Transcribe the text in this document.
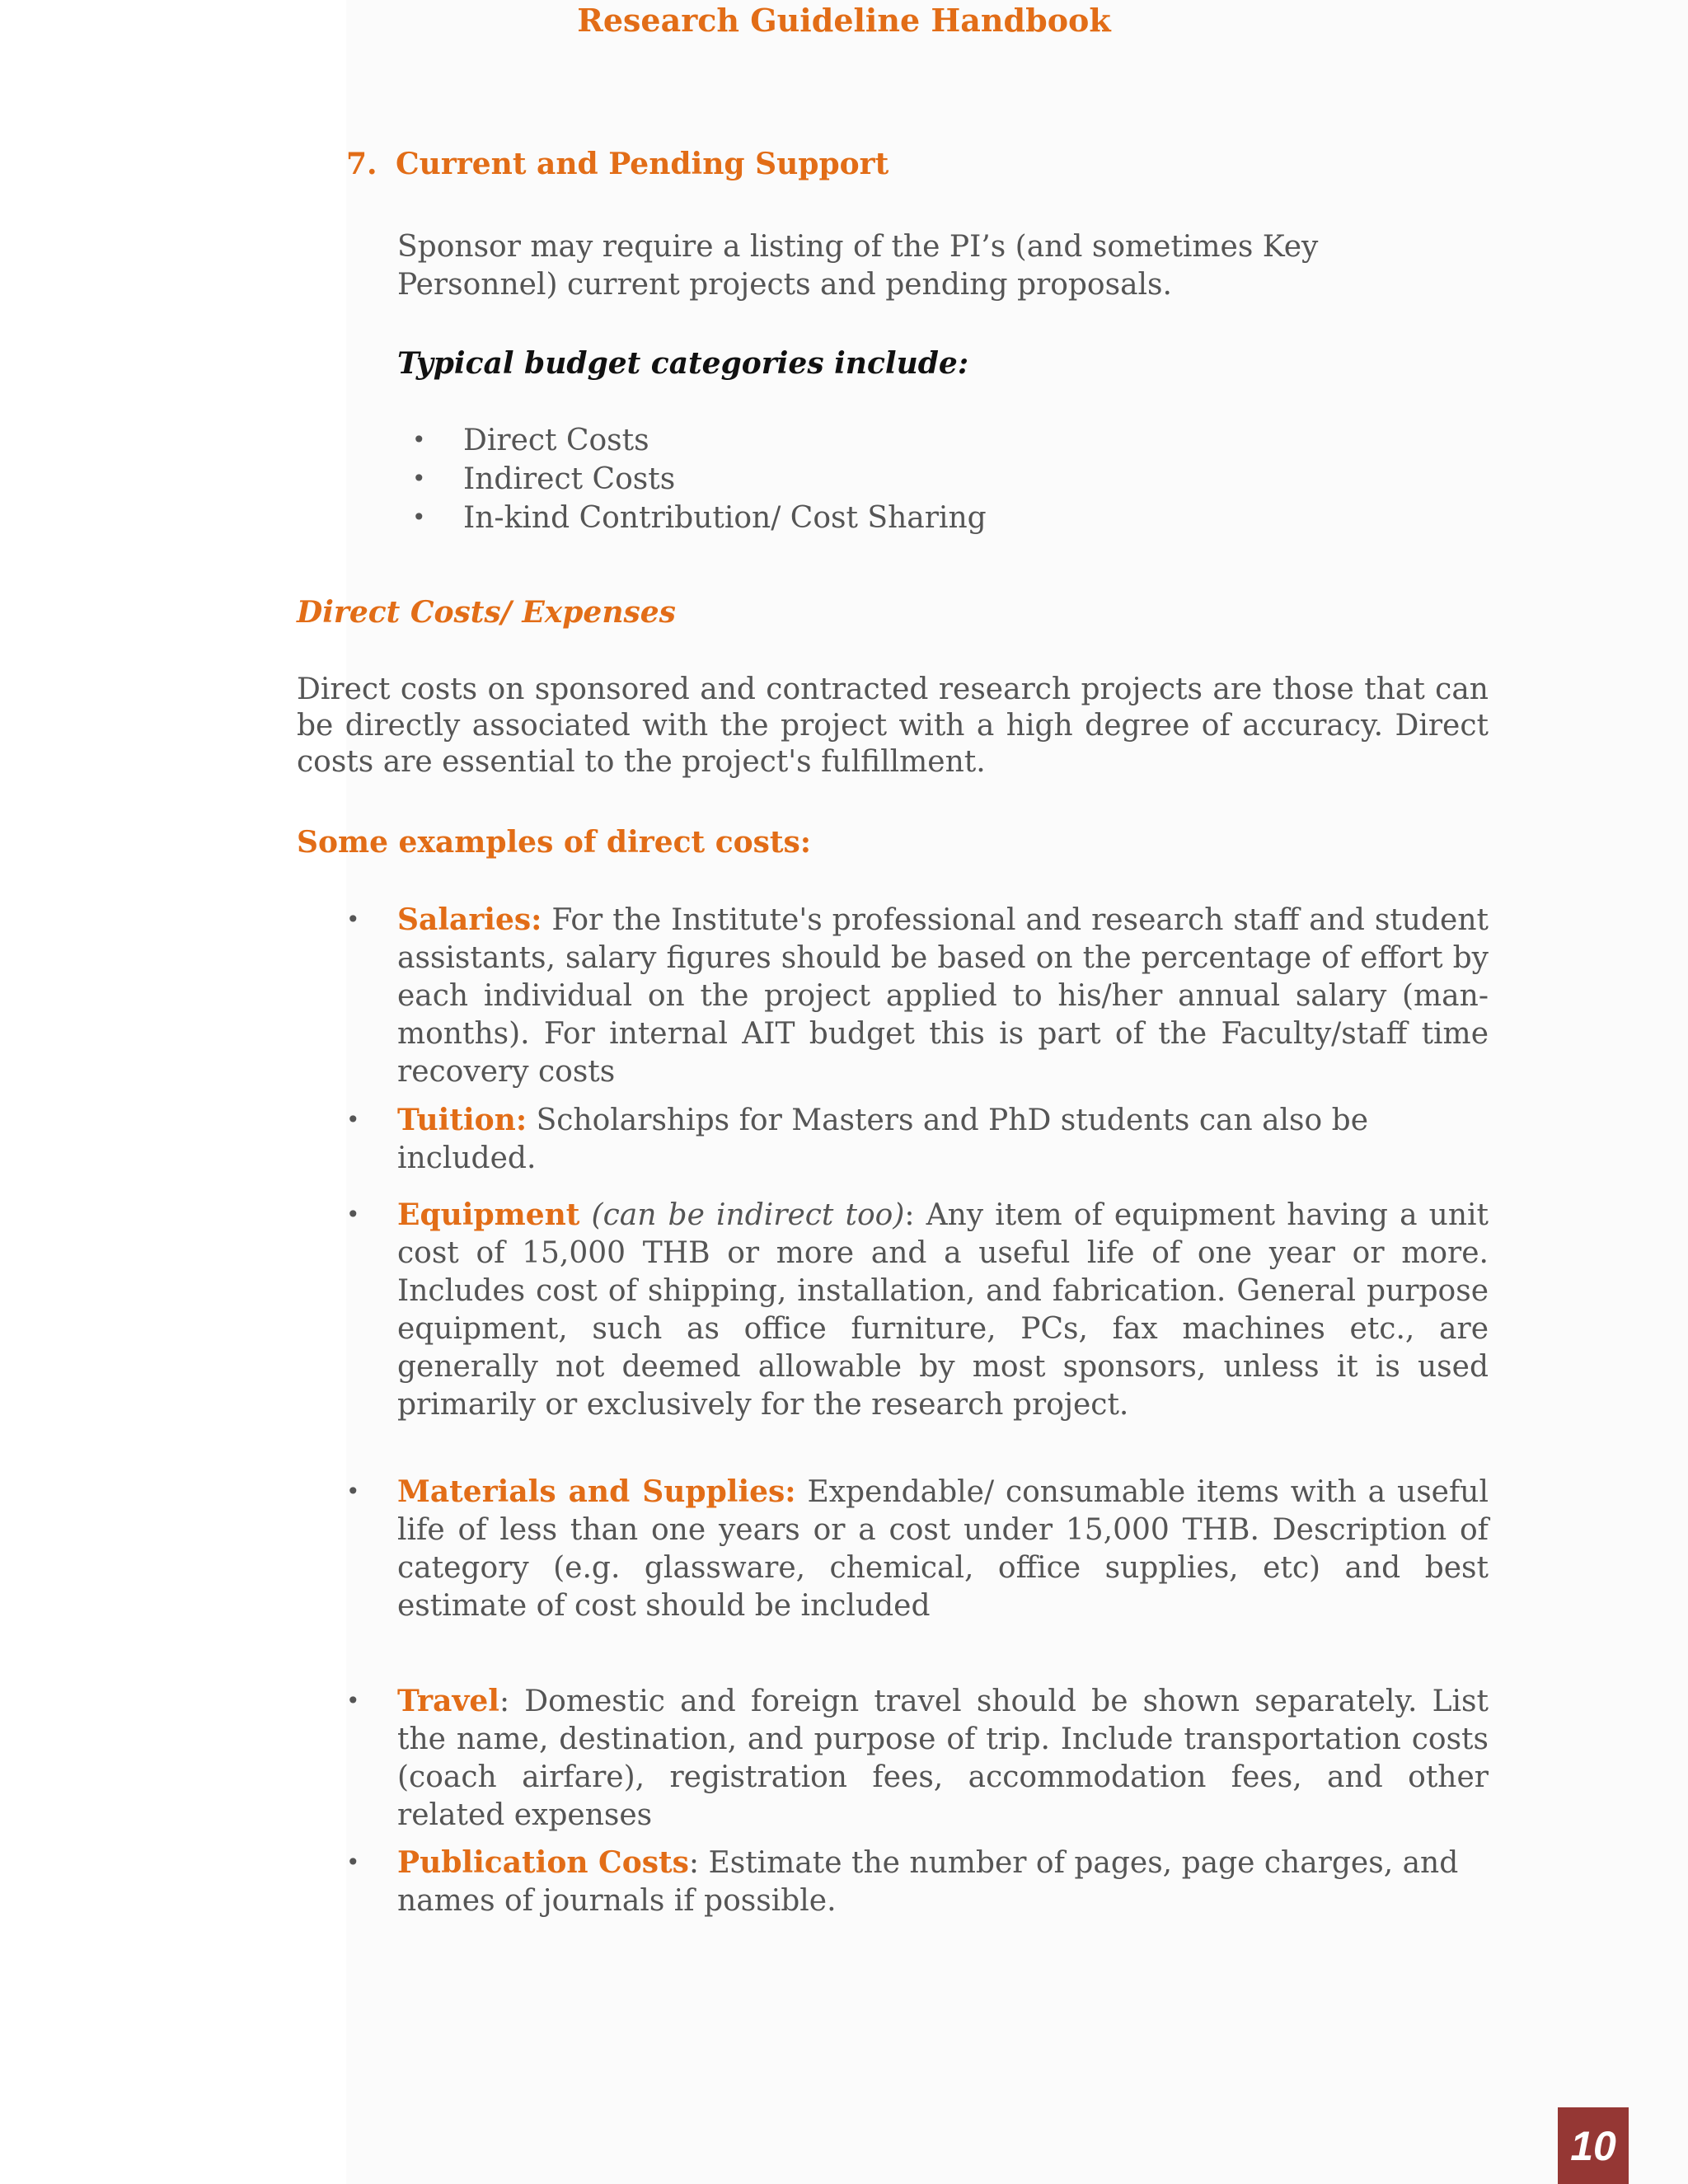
Research Guideline Handbook
7. Current and Pending Support
Sponsor may require a listing of the PI’s (and sometimes Key Personnel) current projects and pending proposals.
Typical budget categories include:
• Direct Costs
• Indirect Costs
• In-kind Contribution/ Cost Sharing
Direct Costs/ Expenses
Direct costs on sponsored and contracted research projects are those that can be directly associated with the project with a high degree of accuracy. Direct costs are essential to the project's fulfillment.
Some examples of direct costs:
• Salaries: For the Institute's professional and research staff and student assistants, salary figures should be based on the percentage of effort by each individual on the project applied to his/her annual salary (man-months). For internal AIT budget this is part of the Faculty/staff time recovery costs
• Tuition: Scholarships for Masters and PhD students can also be included.
• Equipment (can be indirect too): Any item of equipment having a unit cost of 15,000 THB or more and a useful life of one year or more. Includes cost of shipping, installation, and fabrication. General purpose equipment, such as office furniture, PCs, fax machines etc., are generally not deemed allowable by most sponsors, unless it is used primarily or exclusively for the research project.
• Materials and Supplies: Expendable/ consumable items with a useful life of less than one years or a cost under 15,000 THB. Description of category (e.g. glassware, chemical, office supplies, etc) and best estimate of cost should be included
• Travel: Domestic and foreign travel should be shown separately. List the name, destination, and purpose of trip. Include transportation costs (coach airfare), registration fees, accommodation fees, and other related expenses
• Publication Costs: Estimate the number of pages, page charges, and names of journals if possible.
10
